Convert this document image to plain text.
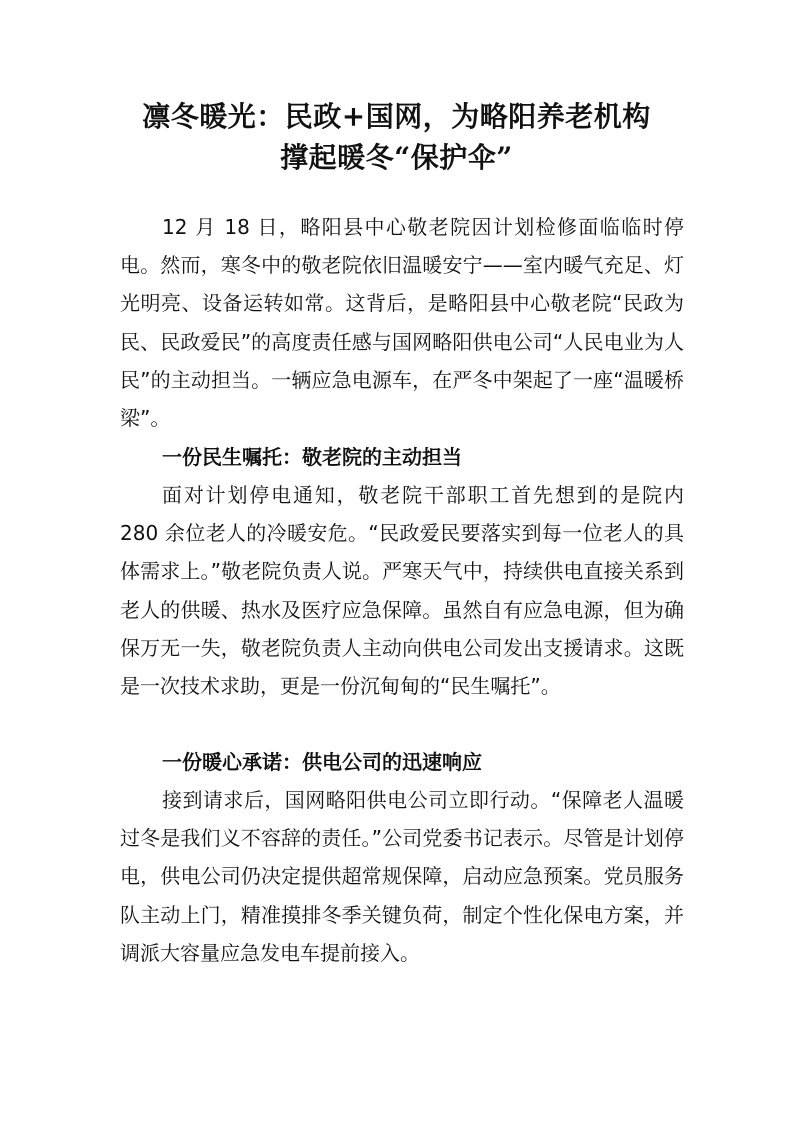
凛冬暖光：民政+国网，为略阳养老机构
撑起暖冬“保护伞”

12 月 18 日，略阳县中心敬老院因计划检修面临临时停电。然而，寒冬中的敬老院依旧温暖安宁——室内暖气充足、灯光明亮、设备运转如常。这背后，是略阳县中心敬老院“民政为民、民政爱民”的高度责任感与国网略阳供电公司“人民电业为人民”的主动担当。一辆应急电源车，在严冬中架起了一座“温暖桥梁”。

一份民生嘱托：敬老院的主动担当

面对计划停电通知，敬老院干部职工首先想到的是院内 280 余位老人的冷暖安危。“民政爱民要落实到每一位老人的具体需求上。”敬老院负责人说。严寒天气中，持续供电直接关系到老人的供暖、热水及医疗应急保障。虽然自有应急电源，但为确保万无一失，敬老院负责人主动向供电公司发出支援请求。这既是一次技术求助，更是一份沉甸甸的“民生嘱托”。

一份暖心承诺：供电公司的迅速响应

接到请求后，国网略阳供电公司立即行动。“保障老人温暖过冬是我们义不容辞的责任。”公司党委书记表示。尽管是计划停电，供电公司仍决定提供超常规保障，启动应急预案。党员服务队主动上门，精准摸排冬季关键负荷，制定个性化保电方案，并调派大容量应急发电车提前接入。
